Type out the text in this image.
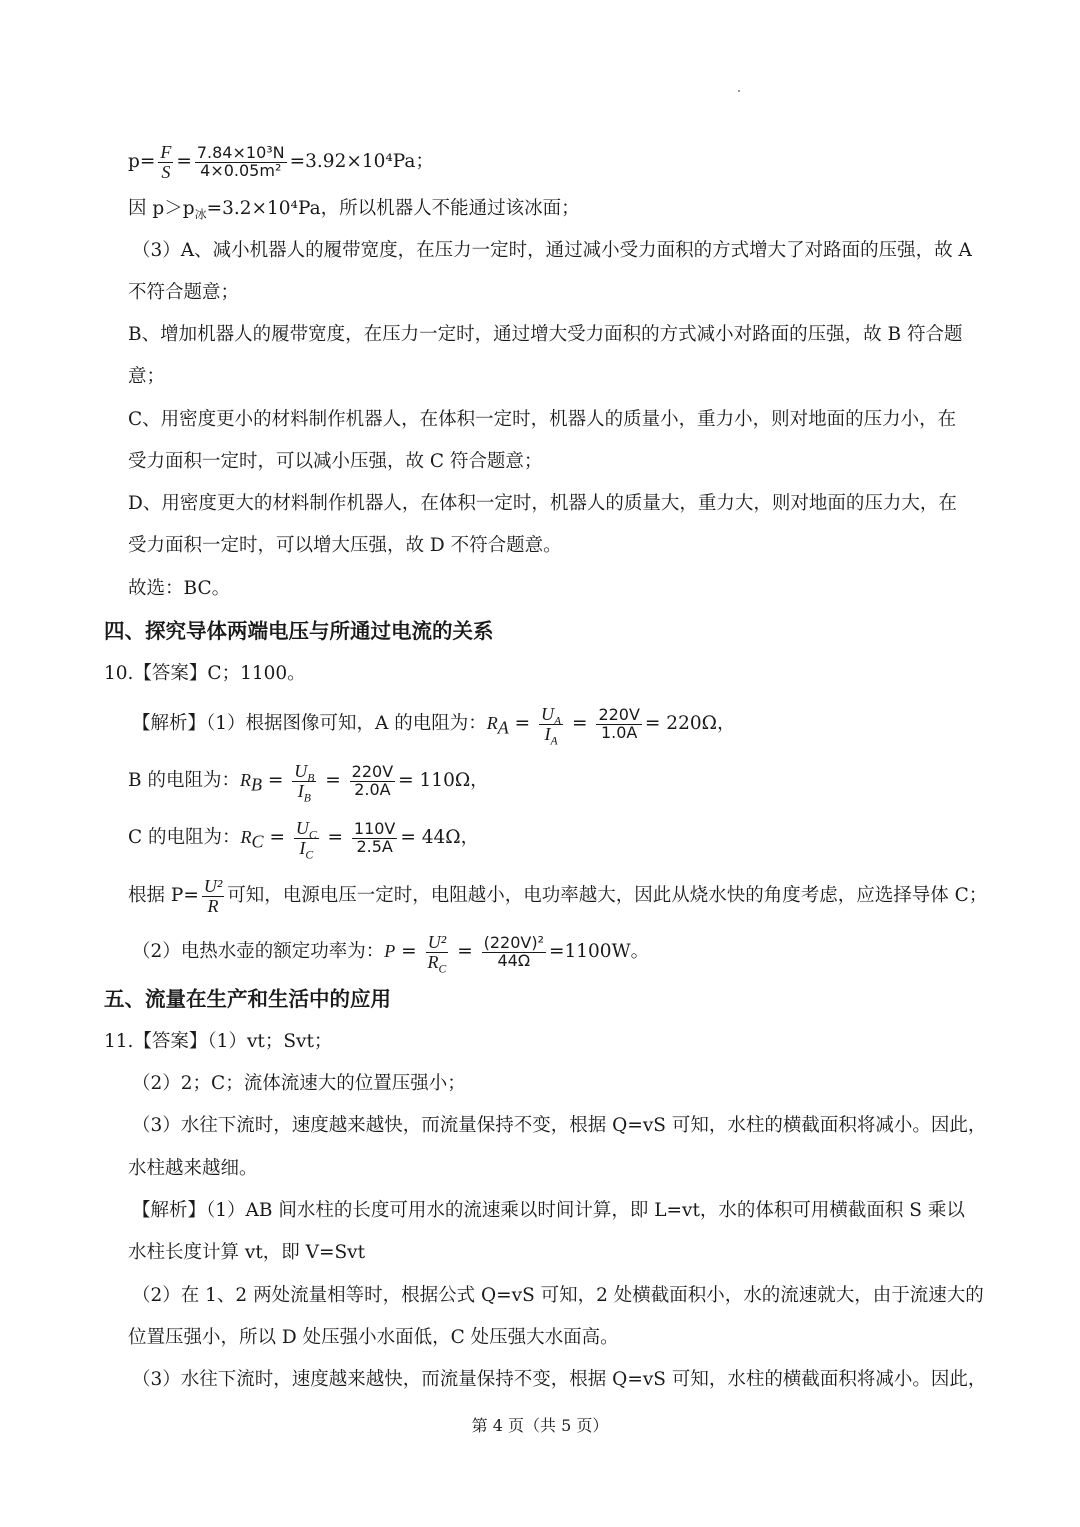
$p= \frac{F}{S} = \frac{\text{7.84×10³N}}{\text{4×0.05m²}} =3.92\times 10^4Pa$；
因 $p>p_冰=3.2\times 10^4Pa$，所以机器人不能通过该冰面；
（3）A、减小机器人的履带宽度，在压力一定时，通过减小受力面积的方式增大了对路面的压强，故 A
不符合题意；
B、增加机器人的履带宽度，在压力一定时，通过增大受力面积的方式减小对路面的压强，故 B 符合题
意；
C、用密度更小的材料制作机器人，在体积一定时，机器人的质量小，重力小，则对地面的压力小，在
受力面积一定时，可以减小压强，故 C 符合题意；
D、用密度更大的材料制作机器人，在体积一定时，机器人的质量大，重力大，则对地面的压力大，在
受力面积一定时，可以增大压强，故 D 不符合题意。
故选：BC。
四、探究导体两端电压与所通过电流的关系
10.【答案】C；1100。
【解析】（1）根据图像可知，A 的电阻为：$R_A = \frac{U_A}{I_A} = \frac{220V}{1.0A} = 220\Omega$，
B 的电阻为：$R_B = \frac{U_B}{I_B} = \frac{220V}{2.0A} = 110\Omega$，
C 的电阻为：$R_C = \frac{U_C}{I_C} = \frac{110V}{2.5A} = 44\Omega$，
根据 $P= \frac{\text{U²}}{R}$ 可知，电源电压一定时，电阻越小，电功率越大，因此从烧水快的角度考虑，应选择导体 C；
（2）电热水壶的额定功率为：$P = \frac{\text{U²}}{R_C} = \frac{\text{(220V)²}}{44\Omega} =1100W$。
五、流量在生产和生活中的应用
11.【答案】（1）vt；Svt；
（2）2；C；流体流速大的位置压强小；
（3）水往下流时，速度越来越快，而流量保持不变，根据 Q=vS 可知，水柱的横截面积将减小。因此，
水柱越来越细。
【解析】（1）AB 间水柱的长度可用水的流速乘以时间计算，即 L=vt，水的体积可用横截面积 S 乘以
水柱长度计算 vt，即 V=Svt
（2）在 1、2 两处流量相等时，根据公式 Q=vS 可知，2 处横截面积小，水的流速就大，由于流速大的
位置压强小，所以 D 处压强小水面低，C 处压强大水面高。
（3）水往下流时，速度越来越快，而流量保持不变，根据 Q=vS 可知，水柱的横截面积将减小。因此，
第 4 页（共 5 页）
